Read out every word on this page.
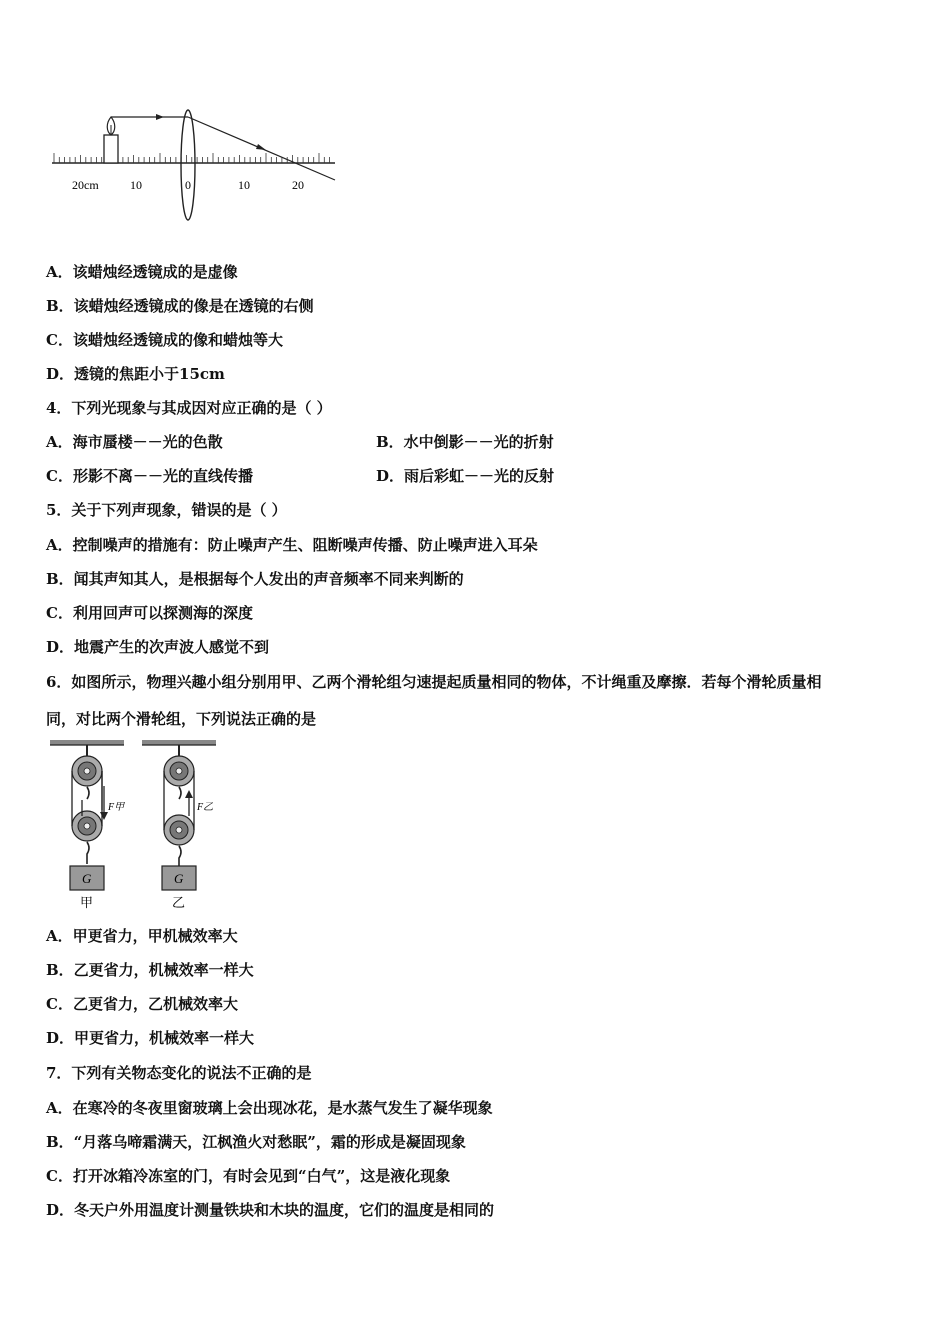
20cm	10	0	10	20
A．该蜡烛经透镜成的是虚像
B．该蜡烛经透镜成的像是在透镜的右侧
C．该蜡烛经透镜成的像和蜡烛等大
D．透镜的焦距小于15cm
4．下列光现象与其成因对应正确的是（ ）
A．海市蜃楼－－光的色散	B．水中倒影－－光的折射
C．形影不离－－光的直线传播	D．雨后彩虹－－光的反射
5．关于下列声现象，错误的是（ ）
A．控制噪声的措施有：防止噪声产生、阻断噪声传播、防止噪声进入耳朵
B．闻其声知其人，是根据每个人发出的声音频率不同来判断的
C．利用回声可以探测海的深度
D．地震产生的次声波人感觉不到
6．如图所示，物理兴趣小组分别用甲、乙两个滑轮组匀速提起质量相同的物体，不计绳重及摩擦．若每个滑轮质量相
同，对比两个滑轮组，下列说法正确的是
G
F甲
甲
G
F乙
乙
A．甲更省力，甲机械效率大
B．乙更省力，机械效率一样大
C．乙更省力，乙机械效率大
D．甲更省力，机械效率一样大
7．下列有关物态变化的说法不正确的是
A．在寒冷的冬夜里窗玻璃上会出现冰花，是水蒸气发生了凝华现象
B．“月落乌啼霜满天，江枫渔火对愁眠”，霜的形成是凝固现象
C．打开冰箱冷冻室的门，有时会见到“白气”，这是液化现象
D．冬天户外用温度计测量铁块和木块的温度，它们的温度是相同的
